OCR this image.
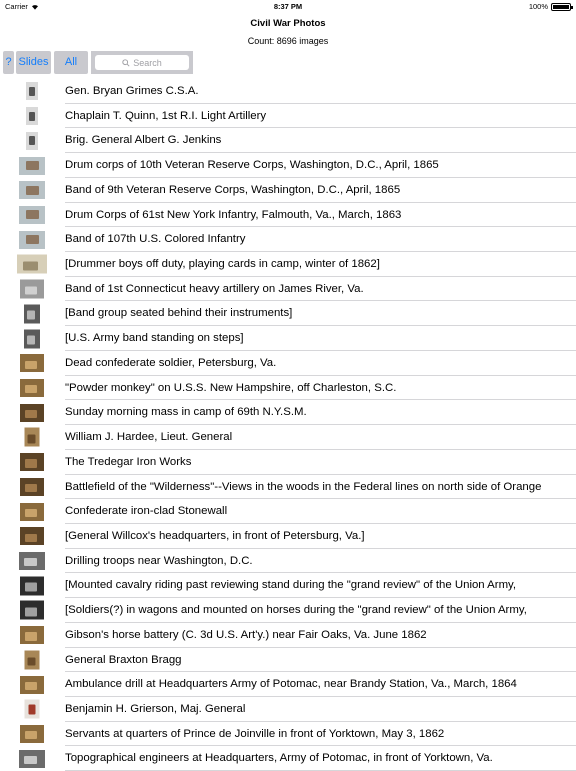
Carrier	8:37 PM	100%
Civil War Photos
Count: 8696 images
? Slides	All	Search
Gen. Bryan Grimes C.S.A.
Chaplain T. Quinn, 1st R.I. Light Artillery
Brig. General Albert G. Jenkins
Drum corps of 10th Veteran Reserve Corps, Washington, D.C., April, 1865
Band of 9th Veteran Reserve Corps, Washington, D.C., April, 1865
Drum Corps of 61st New York Infantry, Falmouth, Va., March, 1863
Band of 107th U.S. Colored Infantry
[Drummer boys off duty, playing cards in camp, winter of 1862]
Band of 1st Connecticut heavy artillery on James River, Va.
[Band group seated behind their instruments]
[U.S. Army band standing on steps]
Dead confederate soldier, Petersburg, Va.
"Powder monkey" on U.S.S. New Hampshire, off Charleston, S.C.
Sunday morning mass in camp of 69th N.Y.S.M.
William J. Hardee, Lieut. General
The Tredegar Iron Works
Battlefield of the "Wilderness"--Views in the woods in the Federal lines on north side of Orange
Confederate iron-clad Stonewall
[General Willcox's headquarters, in front of Petersburg, Va.]
Drilling troops near Washington, D.C.
[Mounted cavalry riding past reviewing stand during the "grand review" of the Union Army,
[Soldiers(?) in wagons and mounted on horses during the "grand review" of the Union Army,
Gibson's horse battery (C. 3d U.S. Art'y.) near Fair Oaks, Va. June 1862
General Braxton Bragg
Ambulance drill at Headquarters Army of Potomac, near Brandy Station, Va., March, 1864
Benjamin H. Grierson, Maj. General
Servants at quarters of Prince de Joinville in front of Yorktown, May 3, 1862
Topographical engineers at Headquarters, Army of Potomac, in front of Yorktown, Va.
